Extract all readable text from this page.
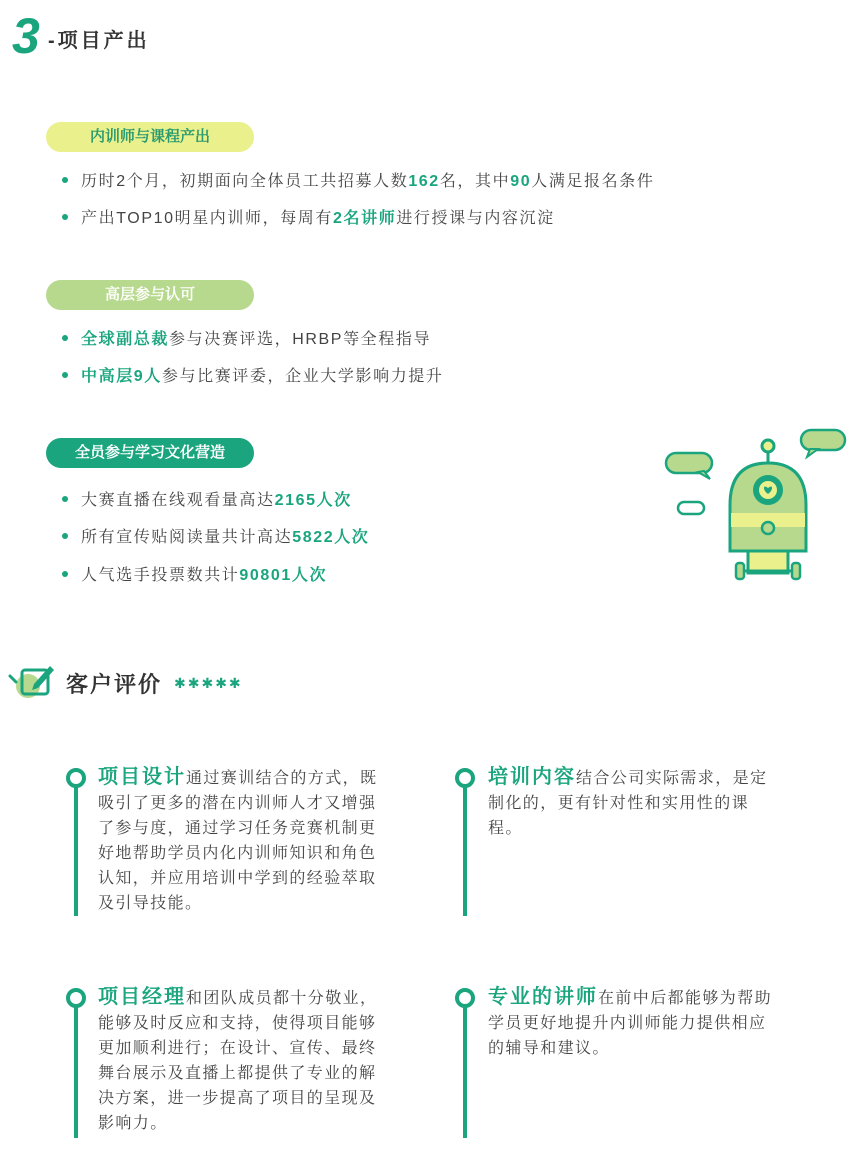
3 -项目产出
内训师与课程产出
历时2个月，初期面向全体员工共招募人数162名，其中90人满足报名条件
产出TOP10明星内训师，每周有2名讲师进行授课与内容沉淀
高层参与认可
全球副总裁参与决赛评选，HRBP等全程指导
中高层9人参与比赛评委，企业大学影响力提升
全员参与学习文化营造
大赛直播在线观看量高达2165人次
所有宣传贴阅读量共计高达5822人次
人气选手投票数共计90801人次
客户评价 ✱✱✱✱✱
项目设计通过赛训结合的方式，既吸引了更多的潜在内训师人才又增强了参与度，通过学习任务竞赛机制更好地帮助学员内化内训师知识和角色认知，并应用培训中学到的经验萃取及引导技能。
培训内容结合公司实际需求，是定制化的，更有针对性和实用性的课程。
项目经理和团队成员都十分敬业，能够及时反应和支持，使得项目能够更加顺利进行；在设计、宣传、最终舞台展示及直播上都提供了专业的解决方案，进一步提高了项目的呈现及影响力。
专业的讲师在前中后都能够为帮助学员更好地提升内训师能力提供相应的辅导和建议。
